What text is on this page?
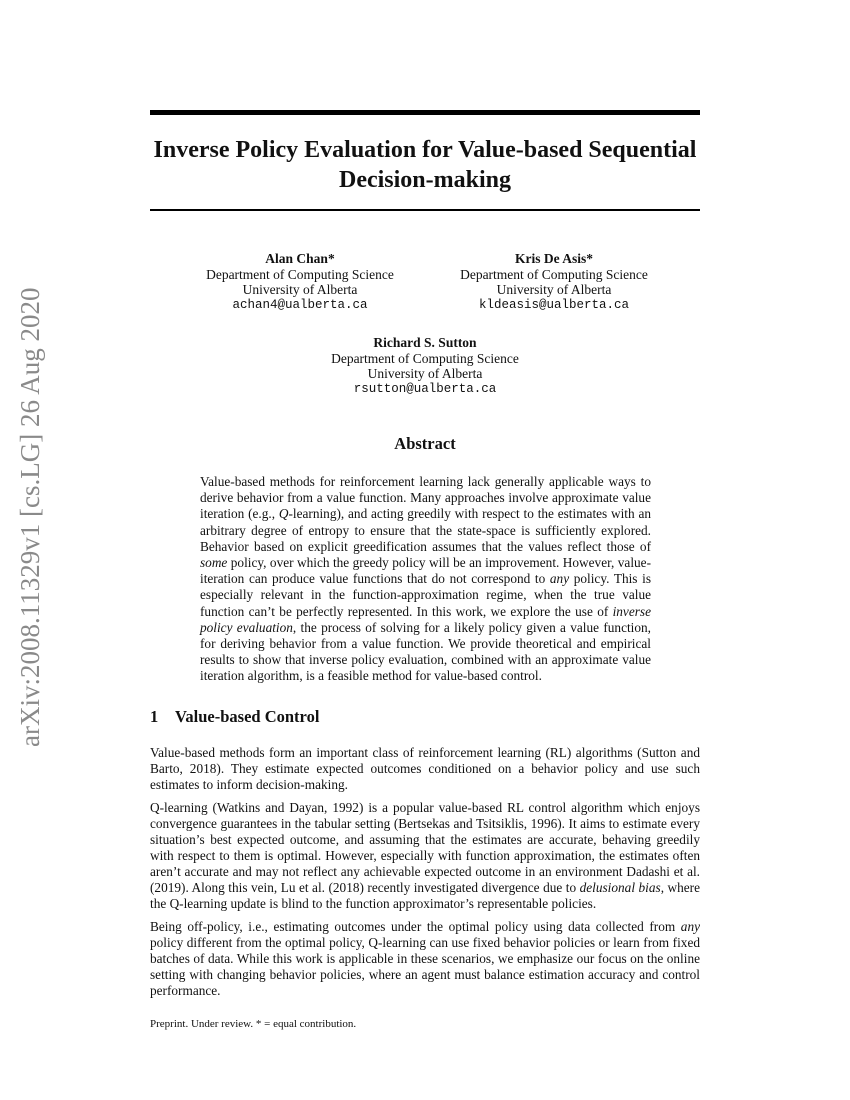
arXiv:2008.11329v1 [cs.LG] 26 Aug 2020
Inverse Policy Evaluation for Value-based Sequential Decision-making
Alan Chan*
Department of Computing Science
University of Alberta
achan4@ualberta.ca
Kris De Asis*
Department of Computing Science
University of Alberta
kldeasis@ualberta.ca
Richard S. Sutton
Department of Computing Science
University of Alberta
rsutton@ualberta.ca
Abstract

Value-based methods for reinforcement learning lack generally applicable ways to derive behavior from a value function. Many approaches involve approximate value iteration (e.g., Q-learning), and acting greedily with respect to the estimates with an arbitrary degree of entropy to ensure that the state-space is sufficiently explored. Behavior based on explicit greedification assumes that the values reflect those of some policy, over which the greedy policy will be an improvement. However, value-iteration can produce value functions that do not correspond to any policy. This is especially relevant in the function-approximation regime, when the true value function can’t be perfectly represented. In this work, we explore the use of inverse policy evaluation, the process of solving for a likely policy given a value function, for deriving behavior from a value function. We provide theoretical and empirical results to show that inverse policy evaluation, combined with an approximate value iteration algorithm, is a feasible method for value-based control.

1 Value-based Control

Value-based methods form an important class of reinforcement learning (RL) algorithms (Sutton and Barto, 2018). They estimate expected outcomes conditioned on a behavior policy and use such estimates to inform decision-making.

Q-learning (Watkins and Dayan, 1992) is a popular value-based RL control algorithm which enjoys convergence guarantees in the tabular setting (Bertsekas and Tsitsiklis, 1996). It aims to estimate every situation’s best expected outcome, and assuming that the estimates are accurate, behaving greedily with respect to them is optimal. However, especially with function approximation, the estimates often aren’t accurate and may not reflect any achievable expected outcome in an environment Dadashi et al. (2019). Along this vein, Lu et al. (2018) recently investigated divergence due to delusional bias, where the Q-learning update is blind to the function approximator’s representable policies.

Being off-policy, i.e., estimating outcomes under the optimal policy using data collected from any policy different from the optimal policy, Q-learning can use fixed behavior policies or learn from fixed batches of data. While this work is applicable in these scenarios, we emphasize our focus on the online setting with changing behavior policies, where an agent must balance estimation accuracy and control performance.

Preprint. Under review. * = equal contribution.
